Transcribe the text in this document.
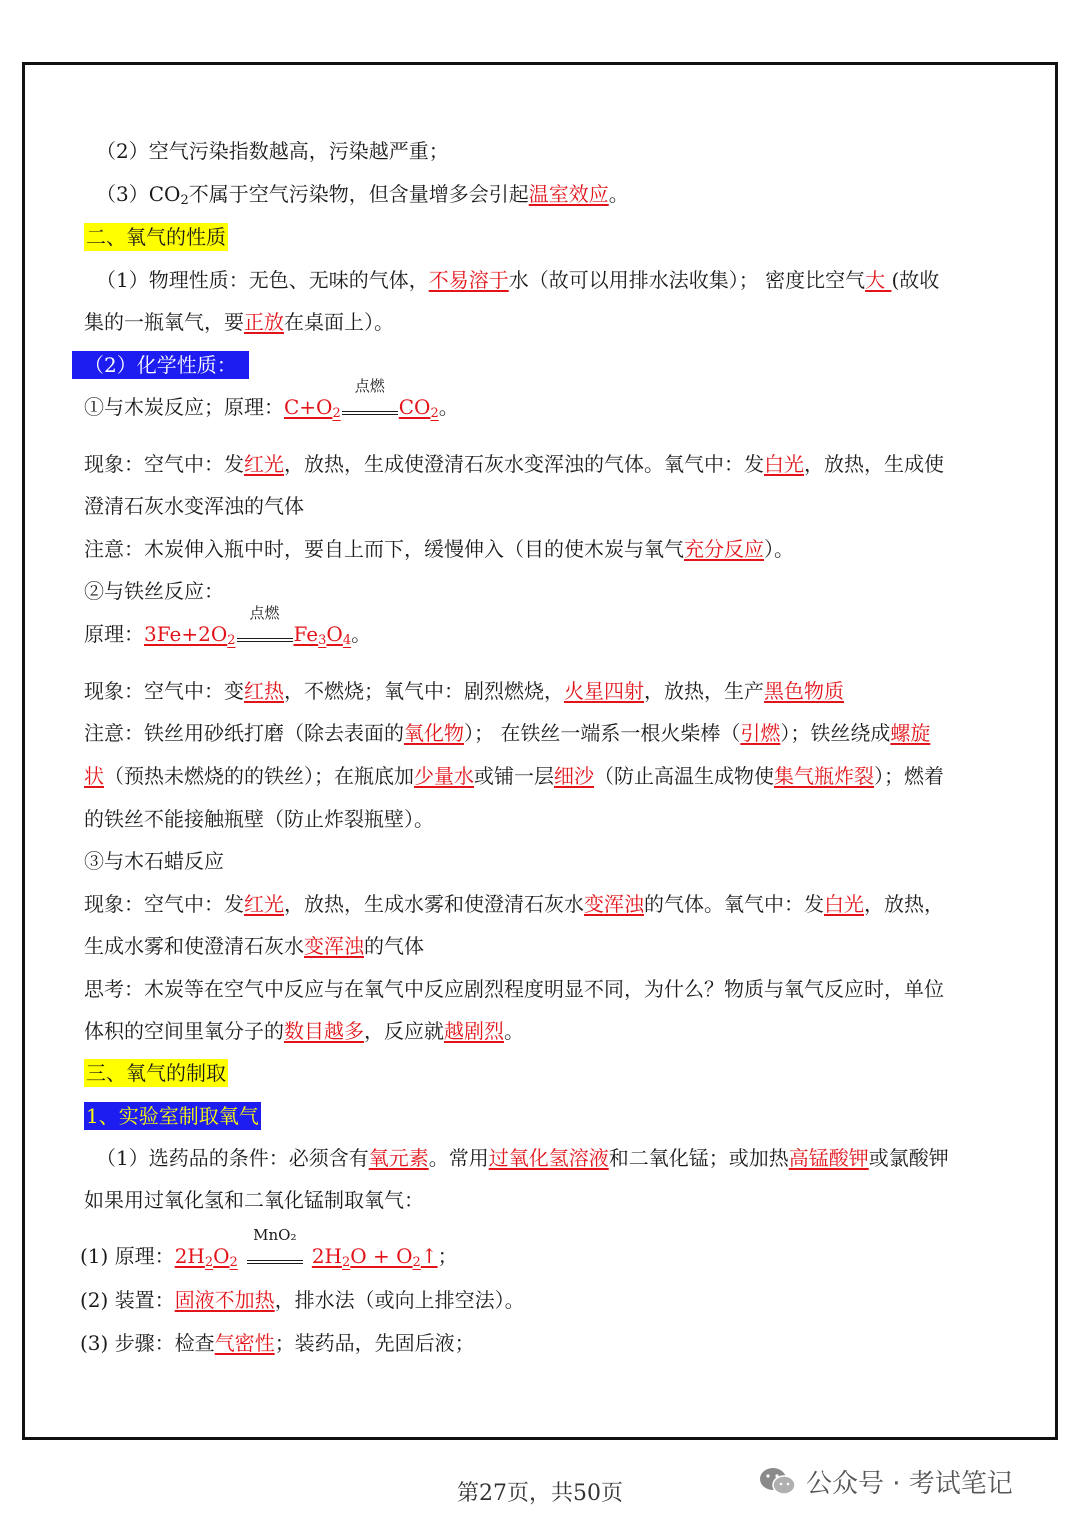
（2）空气污染指数越高，污染越严重；
$(3)CO_2$不属于空气污染物，但含量增多会引起温室效应。
二、氧气的性质
（1）物理性质：无色、无味的气体，不易溶于水（故可以用排水法收集）； 密度比空气大 (故收
集的一瓶氧气，要正放在桌面上）。
（2）化学性质：
①与木炭反应；原理：$C+O_2$
点燃
$CO_2$。
现象：空气中：发红光，放热，生成使澄清石灰水变浑浊的气体。氧气中：发白光，放热，生成使
澄清石灰水变浑浊的气体
注意：木炭伸入瓶中时，要自上而下，缓慢伸入（目的使木炭与氧气充分反应）。
②与铁丝反应：
原理：$3Fe+2O_2$
点燃
$Fe_3O_4$。
现象：空气中：变红热，不燃烧；氧气中：剧烈燃烧，火星四射，放热，生产黑色物质
注意：铁丝用砂纸打磨（除去表面的氧化物）； 在铁丝一端系一根火柴棒（引燃）；铁丝绕成螺旋
状（预热未燃烧的的铁丝）；在瓶底加少量水或铺一层细沙（防止高温生成物使集气瓶炸裂）；燃着
的铁丝不能接触瓶壁（防止炸裂瓶壁）。
③与木石蜡反应
现象：空气中：发红光，放热，生成水雾和使澄清石灰水变浑浊的气体。氧气中：发白光，放热，
生成水雾和使澄清石灰水变浑浊的气体
思考：木炭等在空气中反应与在氧气中反应剧烈程度明显不同，为什么？物质与氧气反应时，单位
体积的空间里氧分子的数目越多，反应就越剧烈。
三、氧气的制取
1、实验室制取氧气
（1）选药品的条件：必须含有氧元素。常用过氧化氢溶液和二氧化锰；或加热高锰酸钾或氯酸钾
如果用过氧化氢和二氧化锰制取氧气：
(1) 原理：$2H_2O_2$
MnO₂
$2H_2O$ + $O_2↑$；
(2) 装置：固液不加热，排水法（或向上排空法）。
(3) 步骤：检查气密性；装药品，先固后液；
第27页，共50页	公众号 · 考试笔记
